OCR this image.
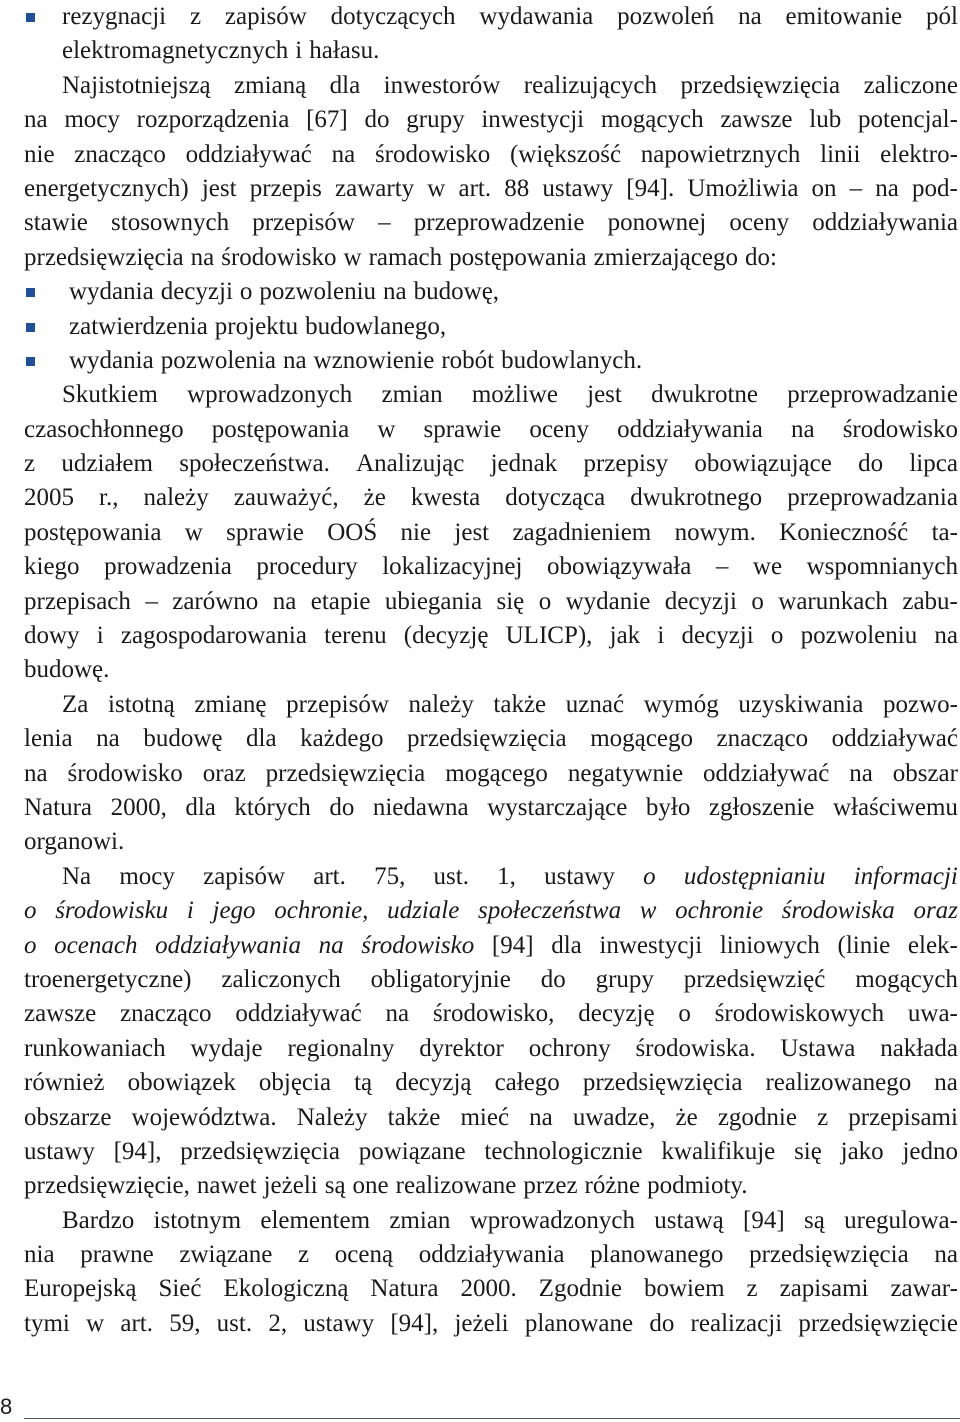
rezygnacji z zapisów dotyczących wydawania pozwoleń na emitowanie pól
elektromagnetycznych i hałasu.
Najistotniejszą zmianą dla inwestorów realizujących przedsięwzięcia zaliczone
na mocy rozporządzenia [67] do grupy inwestycji mogących zawsze lub potencjal-
nie znacząco oddziaływać na środowisko (większość napowietrznych linii elektro-
energetycznych) jest przepis zawarty w art. 88 ustawy [94]. Umożliwia on – na pod-
stawie stosownych przepisów – przeprowadzenie ponownej oceny oddziaływania
przedsięwzięcia na środowisko w ramach postępowania zmierzającego do:
wydania decyzji o pozwoleniu na budowę,
zatwierdzenia projektu budowlanego,
wydania pozwolenia na wznowienie robót budowlanych.
Skutkiem wprowadzonych zmian możliwe jest dwukrotne przeprowadzanie
czasochłonnego postępowania w sprawie oceny oddziaływania na środowisko
z udziałem społeczeństwa. Analizując jednak przepisy obowiązujące do lipca
2005 r., należy zauważyć, że kwesta dotycząca dwukrotnego przeprowadzania
postępowania w sprawie OOŚ nie jest zagadnieniem nowym. Konieczność ta-
kiego prowadzenia procedury lokalizacyjnej obowiązywała – we wspomnianych
przepisach – zarówno na etapie ubiegania się o wydanie decyzji o warunkach zabu-
dowy i zagospodarowania terenu (decyzję ULICP), jak i decyzji o pozwoleniu na
budowę.
Za istotną zmianę przepisów należy także uznać wymóg uzyskiwania pozwo-
lenia na budowę dla każdego przedsięwzięcia mogącego znacząco oddziaływać
na środowisko oraz przedsięwzięcia mogącego negatywnie oddziaływać na obszar
Natura 2000, dla których do niedawna wystarczające było zgłoszenie właściwemu
organowi.
Na mocy zapisów art. 75, ust. 1, ustawy o udostępnianiu informacji
o środowisku i jego ochronie, udziale społeczeństwa w ochronie środowiska oraz
o ocenach oddziaływania na środowisko [94] dla inwestycji liniowych (linie elek-
troenergetyczne) zaliczonych obligatoryjnie do grupy przedsięwzięć mogących
zawsze znacząco oddziaływać na środowisko, decyzję o środowiskowych uwa-
runkowaniach wydaje regionalny dyrektor ochrony środowiska. Ustawa nakłada
również obowiązek objęcia tą decyzją całego przedsięwzięcia realizowanego na
obszarze województwa. Należy także mieć na uwadze, że zgodnie z przepisami
ustawy [94], przedsięwzięcia powiązane technologicznie kwalifikuje się jako jedno
przedsięwzięcie, nawet jeżeli są one realizowane przez różne podmioty.
Bardzo istotnym elementem zmian wprowadzonych ustawą [94] są uregulowa-
nia prawne związane z oceną oddziaływania planowanego przedsięwzięcia na
Europejską Sieć Ekologiczną Natura 2000. Zgodnie bowiem z zapisami zawar-
tymi w art. 59, ust. 2, ustawy [94], jeżeli planowane do realizacji przedsięwzięcie
8
